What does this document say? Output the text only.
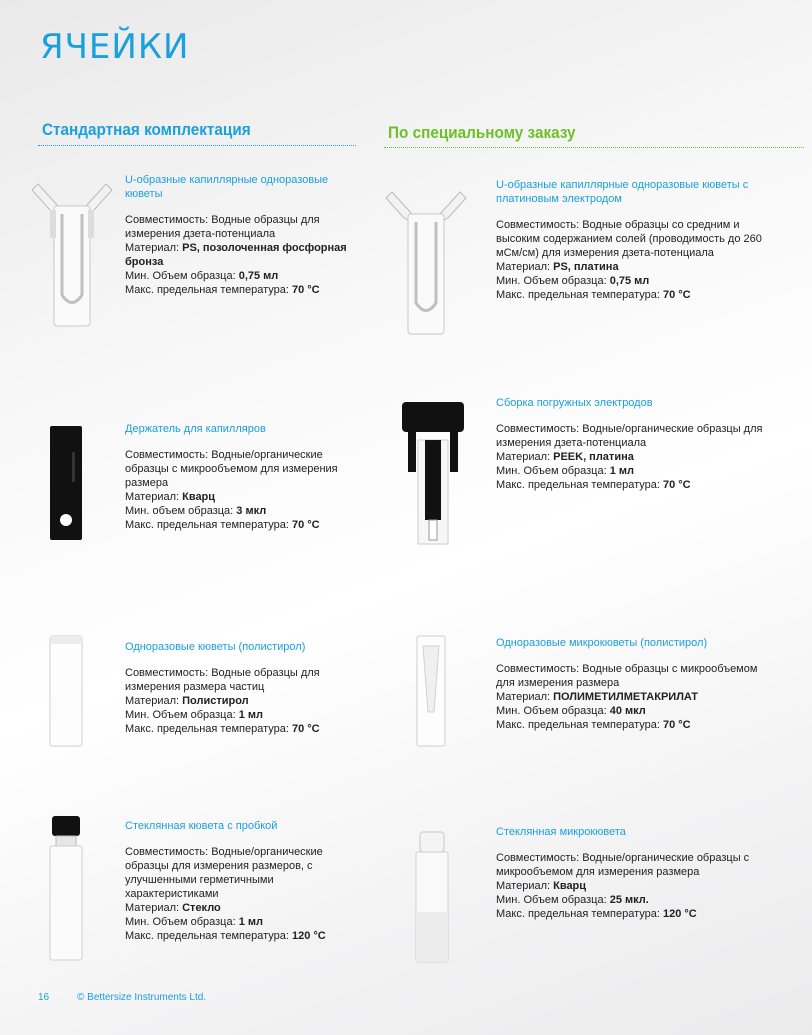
ЯЧЕЙКИ
Стандартная комплектация	По специальному заказу
U-образные капиллярные одноразовые кюветы
Совместимость: Водные образцы для измерения дзета-потенциала
Материал: PS, позолоченная фосфорная бронза
Мин. Объем образца: 0,75 мл
Макс. предельная температура: 70 °C
Держатель для капилляров
Совместимость: Водные/органические образцы с микрообъемом для измерения размера
Материал: Кварц
Мин. объем образца: 3 мкл
Макс. предельная температура: 70 °C
Одноразовые кюветы (полистирол)
Совместимость: Водные образцы для измерения размера частиц
Материал: Полистирол
Мин. Объем образца: 1 мл
Макс. предельная температура: 70 °C
Стеклянная кювета с пробкой
Совместимость: Водные/органические образцы для измерения размеров, с улучшенными герметичными характеристиками
Материал: Стекло
Мин. Объем образца: 1 мл
Макс. предельная температура: 120 °C
U-образные капиллярные одноразовые кюветы с платиновым электродом
Совместимость: Водные образцы со средним и высоким содержанием солей (проводимость до 260 мСм/см) для измерения дзета-потенциала
Материал: PS, платина
Мин. Объем образца: 0,75 мл
Макс. предельная температура: 70 °C
Сборка погружных электродов
Совместимость: Водные/органические образцы для измерения дзета-потенциала
Материал: PEEK, платина
Мин. Объем образца: 1 мл
Макс. предельная температура: 70 °C
Одноразовые микрокюветы (полистирол)
Совместимость: Водные образцы с микрообъемом для измерения размера
Материал: ПОЛИМЕТИЛМЕТАКРИЛАТ
Мин. Объем образца: 40 мкл
Макс. предельная температура: 70 °C
Стеклянная микрокювета
Совместимость: Водные/органические образцы с микрообъемом для измерения размера
Материал: Кварц
Мин. Объем образца: 25 мкл.
Макс. предельная температура: 120 °C
16	© Bettersize Instruments Ltd.
